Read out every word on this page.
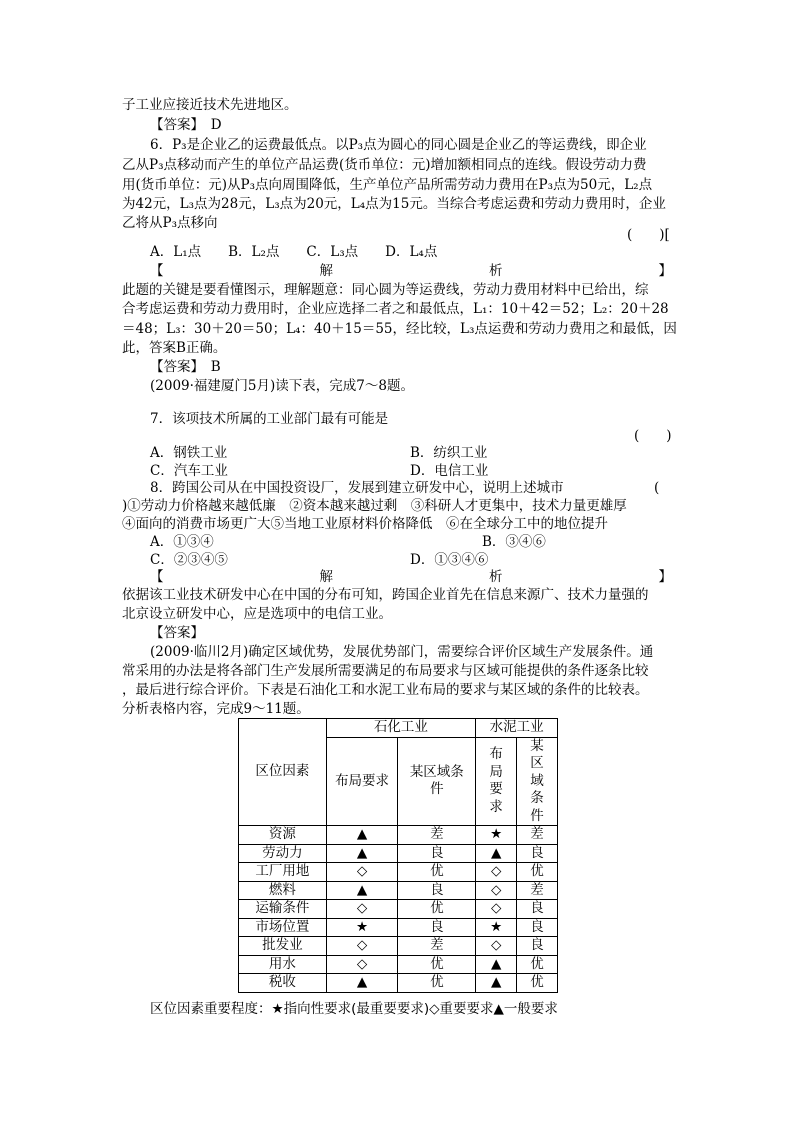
子工业应接近技术先进地区。
【答案】　D
6．P₃是企业乙的运费最低点。以P₃点为圆心的同心圆是企业乙的等运费线，即企业
乙从P₃点移动而产生的单位产品运费(货币单位：元)增加额相同点的连线。假设劳动力费
用(货币单位：元)从P₃点向周围降低，生产单位产品所需劳动力费用在P₃点为50元，L₂点
为42元，L₃点为28元，L₃点为20元，L₄点为15元。当综合考虑运费和劳动力费用时，企业
乙将从P₃点移向
(　　)[
A．L₁点　　B．L₂点　　C．L₃点　　D．L₄点
【	解	析	】
此题的关键是要看懂图示，理解题意：同心圆为等运费线，劳动力费用材料中已给出，综
合考虑运费和劳动力费用时，企业应选择二者之和最低点，L₁：10＋42＝52；L₂：20＋28
＝48；L₃：30＋20＝50；L₄：40＋15＝55，经比较，L₃点运费和劳动力费用之和最低，因
此，答案B正确。
【答案】　B
(2009·福建厦门5月)读下表，完成7～8题。
7．该项技术所属的工业部门最有可能是
(　　)
A．钢铁工业	B．纺织工业
C．汽车工业	D．电信工业
8．跨国公司从在中国投资设厂，发展到建立研发中心，说明上述城市	(
)①劳动力价格越来越低廉　②资本越来越过剩　③科研人才更集中，技术力量更雄厚
④面向的消费市场更广大⑤当地工业原材料价格降低　⑥在全球分工中的地位提升
A．①③④	B．③④⑥
C．②③④⑤	D．①③④⑥
【	解	析	】
依据该工业技术研发中心在中国的分布可知，跨国企业首先在信息来源广、技术力量强的
北京设立研发中心，应是选项中的电信工业。
【答案】
(2009·临川2月)确定区域优势，发展优势部门，需要综合评价区域生产发展条件。通
常采用的办法是将各部门生产发展所需要满足的布局要求与区域可能提供的条件逐条比较
，最后进行综合评价。下表是石油化工和水泥工业布局的要求与某区域的条件的比较表。
分析表格内容，完成9～11题。
区位因素	石化工业		水泥工业	
	布局要求	某区域条
件	布
局
要
求	某
区
域
条
件
资源	▲	差	★	差
劳动力	▲	良	▲	良
工厂用地	◇	优	◇	优
燃料	▲	良	◇	差
运输条件	◇	优	◇	良
市场位置	★	良	★	良
批发业	◇	差	◇	良
用水	◇	优	▲	优
税收	▲	优	▲	优
区位因素重要程度：★指向性要求(最重要要求)◇重要要求▲一般要求
